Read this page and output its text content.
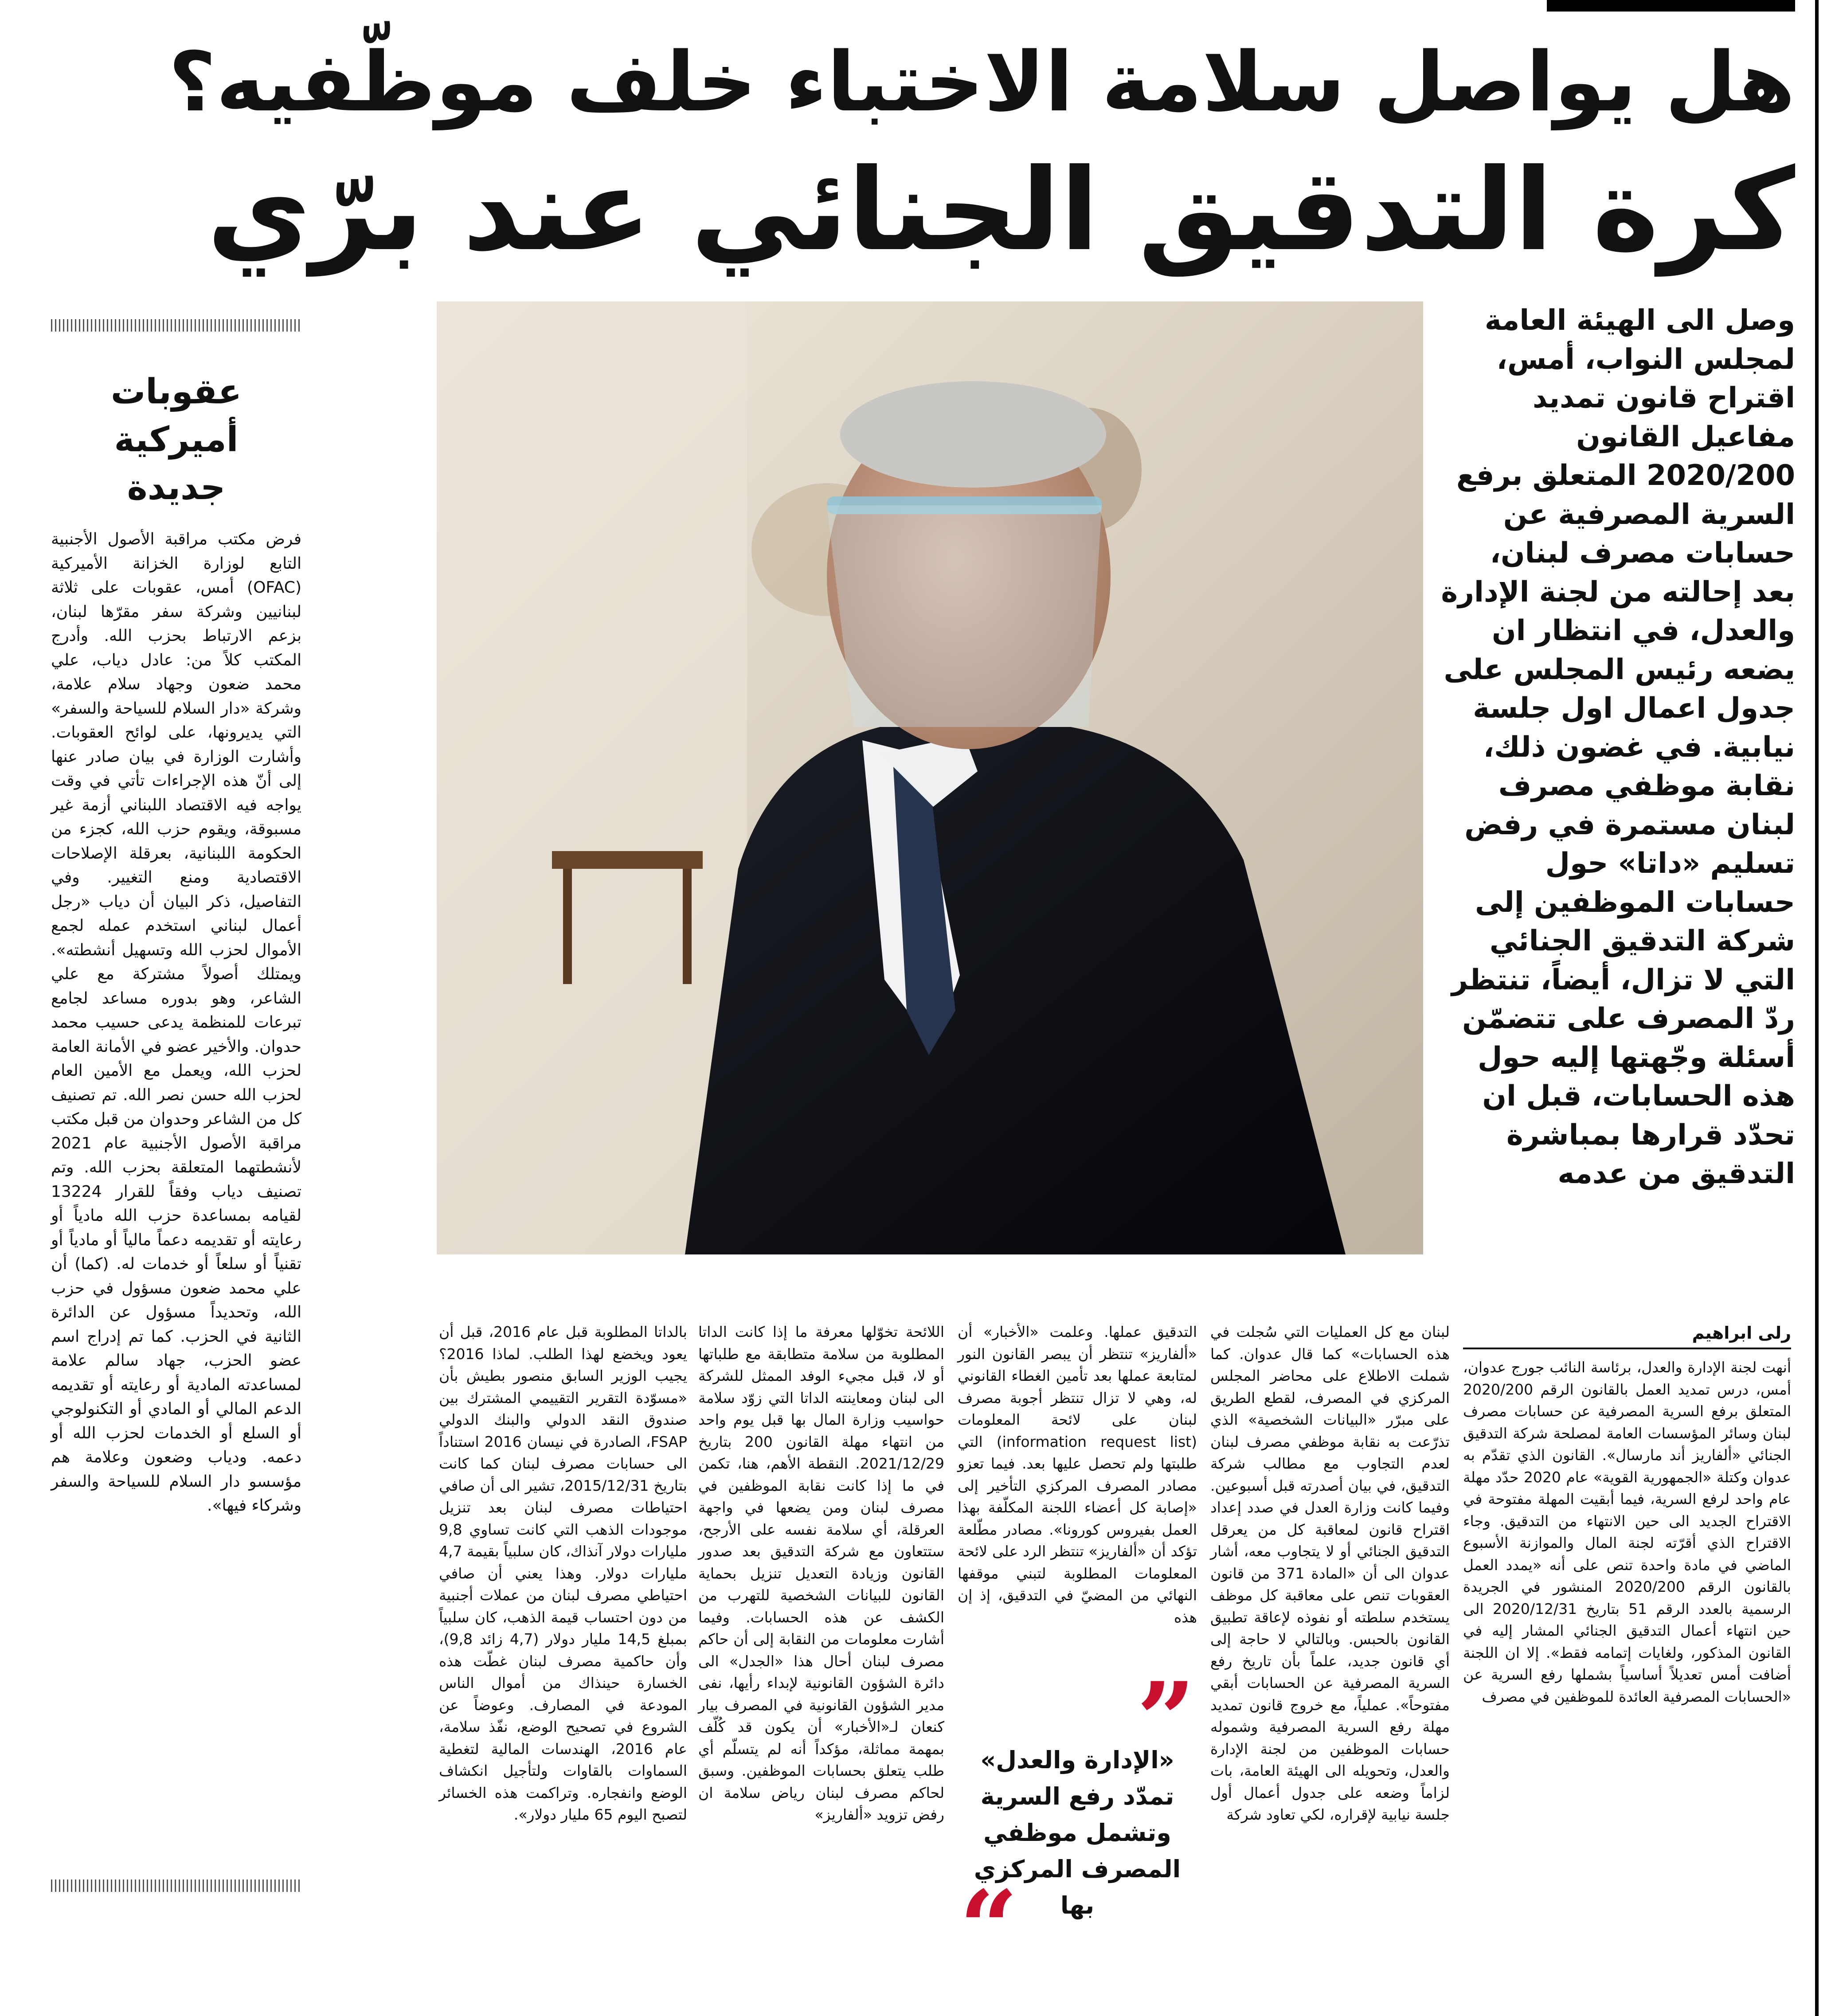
هل يواصل سلامة الاختباء خلف موظّفيه؟
كرة التدقيق الجنائي عند برّي
وصل الى الهيئة العامة لمجلس النواب، أمس، اقتراح قانون تمديد مفاعيل القانون 2020/200 المتعلق برفع السرية المصرفية عن حسابات مصرف لبنان، بعد إحالته من لجنة الإدارة والعدل، في انتظار ان يضعه رئيس المجلس على جدول اعمال اول جلسة نيابية. في غضون ذلك، نقابة موظفي مصرف لبنان مستمرة في رفض تسليم «داتا» حول حسابات الموظفين إلى شركة التدقيق الجنائي التي لا تزال، أيضاً، تنتظر ردّ المصرف على تتضمّن أسئلة وجّهتها إليه حول هذه الحسابات، قبل ان تحدّد قرارها بمباشرة التدقيق من عدمه
عقوبات
أميركية
جديدة
فرض مكتب مراقبة الأصول الأجنبية التابع لوزارة الخزانة الأميركية (OFAC) أمس، عقوبات على ثلاثة لبنانيين وشركة سفر مقرّها لبنان، بزعم الارتباط بحزب الله. وأدرج المكتب كلاً من: عادل دياب، علي محمد ضعون وجهاد سلام علامة، وشركة «دار السلام للسياحة والسفر» التي يديرونها، على لوائح العقوبات. وأشارت الوزارة في بيان صادر عنها إلى أنّ هذه الإجراءات تأتي في وقت يواجه فيه الاقتصاد اللبناني أزمة غير مسبوقة، ويقوم حزب الله، كجزء من الحكومة اللبنانية، بعرقلة الإصلاحات الاقتصادية ومنع التغيير. وفي التفاصيل، ذكر البيان أن دياب «رجل أعمال لبناني استخدم عمله لجمع الأموال لحزب الله وتسهيل أنشطته». ويمتلك أصولاً مشتركة مع علي الشاعر، وهو بدوره مساعد لجامع تبرعات للمنظمة يدعى حسيب محمد حدوان. والأخير عضو في الأمانة العامة لحزب الله، ويعمل مع الأمين العام لحزب الله حسن نصر الله. تم تصنيف كل من الشاعر وحدوان من قبل مكتب مراقبة الأصول الأجنبية عام 2021 لأنشطتهما المتعلقة بحزب الله. وتم تصنيف دياب وفقاً للقرار 13224 لقيامه بمساعدة حزب الله مادياً أو رعايته أو تقديمه دعماً مالياً أو مادياً أو تقنياً أو سلعاً أو خدمات له. (كما) أن علي محمد ضعون مسؤول في حزب الله، وتحديداً مسؤول عن الدائرة الثانية في الحزب. كما تم إدراج اسم عضو الحزب، جهاد سالم علامة لمساعدته المادية أو رعايته أو تقديمه الدعم المالي أو المادي أو التكنولوجي أو السلع أو الخدمات لحزب الله أو دعمه. ودياب وضعون وعلامة هم مؤسسو دار السلام للسياحة والسفر وشركاء فيها».
رلى ابراهيم
أنهت لجنة الإدارة والعدل، برئاسة النائب جورج عدوان، أمس، درس تمديد العمل بالقانون الرقم 2020/200 المتعلق برفع السرية المصرفية عن حسابات مصرف لبنان وسائر المؤسسات العامة لمصلحة شركة التدقيق الجنائي «ألفاريز أند مارسال». القانون الذي تقدّم به عدوان وكتلة «الجمهورية القوية» عام 2020 حدّد مهلة عام واحد لرفع السرية، فيما أبقيت المهلة مفتوحة في الاقتراح الجديد الى حين الانتهاء من التدقيق. وجاء الاقتراح الذي أقرّته لجنة المال والموازنة الأسبوع الماضي في مادة واحدة تنص على أنه «يمدد العمل بالقانون الرقم 2020/200 المنشور في الجريدة الرسمية بالعدد الرقم 51 بتاريخ 2020/12/31 الى حين انتهاء أعمال التدقيق الجنائي المشار إليه في القانون المذكور، ولغايات إتمامه فقط». إلا ان اللجنة أضافت أمس تعديلاً أساسياً بشملها رفع السرية عن «الحسابات المصرفية العائدة للموظفين في مصرف
لبنان مع كل العمليات التي سُجلت في هذه الحسابات» كما قال عدوان. كما شملت الاطلاع على محاضر المجلس المركزي في المصرف، لقطع الطريق على مبرّر «البيانات الشخصية» الذي تذرّعت به نقابة موظفي مصرف لبنان لعدم التجاوب مع مطالب شركة التدقيق، في بيان أصدرته قبل أسبوعين. وفيما كانت وزارة العدل في صدد إعداد اقتراح قانون لمعاقبة كل من يعرقل التدقيق الجنائي أو لا يتجاوب معه، أشار عدوان الى أن «المادة 371 من قانون العقوبات تنص على معاقبة كل موظف يستخدم سلطته أو نفوذه لإعاقة تطبيق القانون بالحبس. وبالتالي لا حاجة إلى أي قانون جديد، علماً بأن تاريخ رفع السرية المصرفية عن الحسابات أبقي مفتوحاً». عملياً، مع خروج قانون تمديد مهلة رفع السرية المصرفية وشموله حسابات الموظفين من لجنة الإدارة والعدل، وتحويله الى الهيئة العامة، بات لزاماً وضعه على جدول أعمال أول جلسة نيابية لإقراره، لكي تعاود شركة
التدقيق عملها. وعلمت «الأخبار» أن «ألفاريز» تنتظر أن يبصر القانون النور لمتابعة عملها بعد تأمين الغطاء القانوني له، وهي لا تزال تنتظر أجوبة مصرف لبنان على لائحة المعلومات (information request list) التي طلبتها ولم تحصل عليها بعد. فيما تعزو مصادر المصرف المركزي التأخير إلى «إصابة كل أعضاء اللجنة المكلّفة بهذا العمل بفيروس كورونا». مصادر مطّلعة تؤكد أن «ألفاريز» تنتظر الرد على لائحة المعلومات المطلوبة لتبني موقفها النهائي من المضيّ في التدقيق، إذ إن هذه
”
«الإدارة والعدل» تمدّد رفع السرية وتشمل موظفي المصرف المركزي بها
“
اللائحة تخوّلها معرفة ما إذا كانت الداتا المطلوبة من سلامة متطابقة مع طلباتها أو لا، قبل مجيء الوفد الممثل للشركة الى لبنان ومعاينته الداتا التي زوّد سلامة حواسيب وزارة المال بها قبل يوم واحد من انتهاء مهلة القانون 200 بتاريخ 2021/12/29. النقطة الأهم، هنا، تكمن في ما إذا كانت نقابة الموظفين في مصرف لبنان ومن يضعها في واجهة العرقلة، أي سلامة نفسه على الأرجح، ستتعاون مع شركة التدقيق بعد صدور القانون وزيادة التعديل تنزيل بحماية القانون للبيانات الشخصية للتهرب من الكشف عن هذه الحسابات. وفيما أشارت معلومات من النقابة إلى أن حاكم مصرف لبنان أحال هذا «الجدل» الى دائرة الشؤون القانونية لإبداء رأيها، نفى مدير الشؤون القانونية في المصرف بيار كنعان لـ«الأخبار» أن يكون قد كُلّف بمهمة مماثلة، مؤكداً أنه لم يتسلّم أي طلب يتعلق بحسابات الموظفين. وسبق لحاكم مصرف لبنان رياض سلامة ان رفض تزويد «ألفاريز»
بالداتا المطلوبة قبل عام 2016، قبل أن يعود ويخضع لهذا الطلب. لماذا 2016؟ يجيب الوزير السابق منصور بطيش بأن «مسوّدة التقرير التقييمي المشترك بين صندوق النقد الدولي والبنك الدولي FSAP، الصادرة في نيسان 2016 استناداً الى حسابات مصرف لبنان كما كانت بتاريخ 2015/12/31، تشير الى أن صافي احتياطات مصرف لبنان بعد تنزيل موجودات الذهب التي كانت تساوي 9,8 مليارات دولار آنذاك، كان سلبياً بقيمة 4,7 مليارات دولار. وهذا يعني أن صافي احتياطي مصرف لبنان من عملات أجنبية من دون احتساب قيمة الذهب، كان سلبياً بمبلغ 14,5 مليار دولار (4,7 زائد 9,8)، وأن حاكمية مصرف لبنان غطّت هذه الخسارة حينذاك من أموال الناس المودعة في المصارف. وعوضاً عن الشروع في تصحيح الوضع، نفّذ سلامة، عام 2016، الهندسات المالية لتغطية السماوات بالقاوات ولتأجيل انكشاف الوضع وانفجاره. وتراكمت هذه الخسائر لتصبح اليوم 65 مليار دولار».
